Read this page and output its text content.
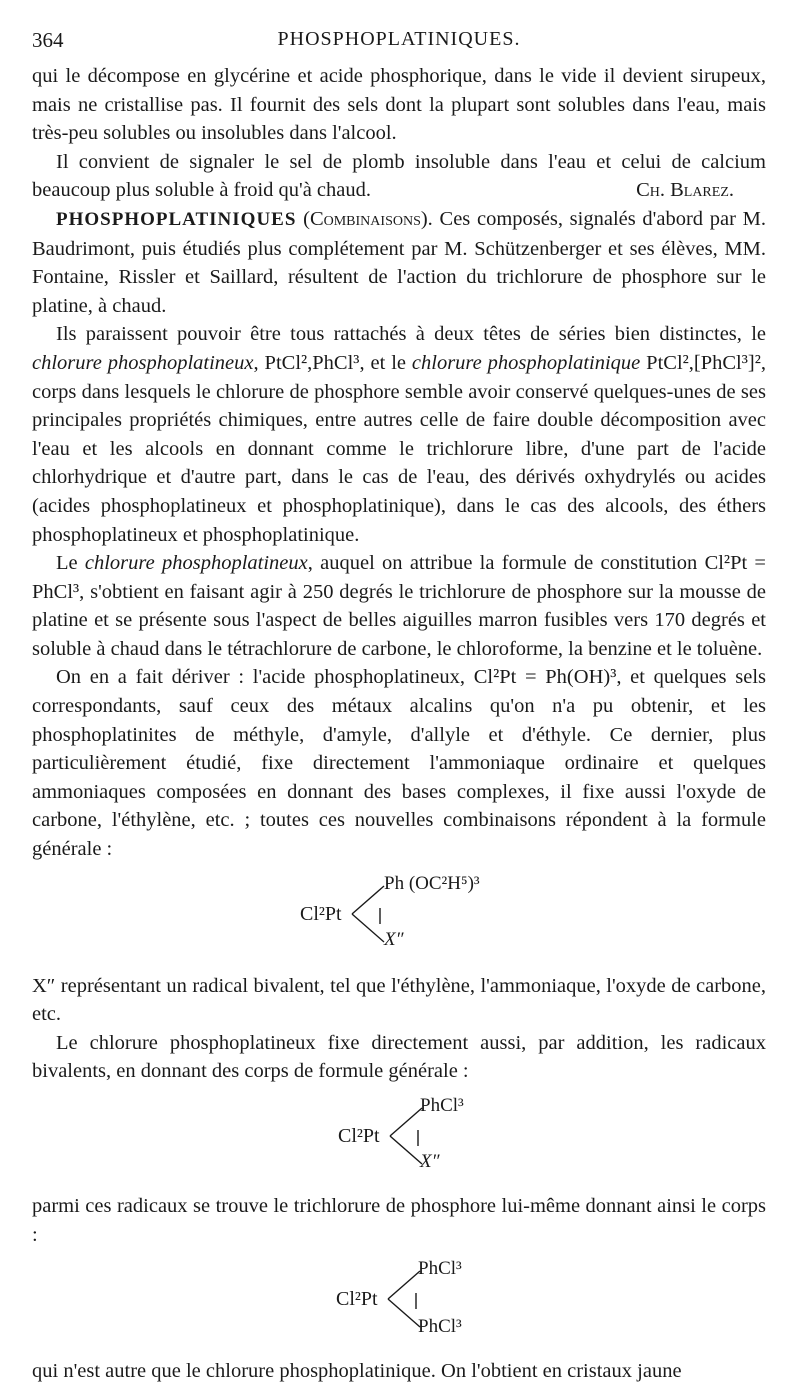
364	PHOSPHOPLATINIQUES.

qui le décompose en glycérine et acide phosphorique, dans le vide il devient sirupeux, mais ne cristallise pas. Il fournit des sels dont la plupart sont solubles dans l'eau, mais très-peu solubles ou insolubles dans l'alcool.

Il convient de signaler le sel de plomb insoluble dans l'eau et celui de calcium beaucoup plus soluble à froid qu'à chaud.	Ch. Blarez.

PHOSPHOPLATINIQUES (Combinaisons). Ces composés, signalés d'abord par M. Baudrimont, puis étudiés plus complétement par M. Schützenberger et ses élèves, MM. Fontaine, Rissler et Saillard, résultent de l'action du trichlorure de phosphore sur le platine, à chaud.

Ils paraissent pouvoir être tous rattachés à deux têtes de séries bien distinctes, le chlorure phosphoplatineux, PtCl²,PhCl³, et le chlorure phosphoplatinique PtCl²,[PhCl³]², corps dans lesquels le chlorure de phosphore semble avoir conservé quelques-unes de ses principales propriétés chimiques, entre autres celle de faire double décomposition avec l'eau et les alcools en donnant comme le trichlorure libre, d'une part de l'acide chlorhydrique et d'autre part, dans le cas de l'eau, des dérivés oxhydrylés ou acides (acides phosphoplatineux et phosphoplatinique), dans le cas des alcools, des éthers phosphoplatineux et phosphoplatinique.

Le chlorure phosphoplatineux, auquel on attribue la formule de constitution Cl²Pt = PhCl³, s'obtient en faisant agir à 250 degrés le trichlorure de phosphore sur la mousse de platine et se présente sous l'aspect de belles aiguilles marron fusibles vers 170 degrés et soluble à chaud dans le tétrachlorure de carbone, le chloroforme, la benzine et le toluène.

On en a fait dériver : l'acide phosphoplatineux, Cl²Pt = Ph(OH)³, et quelques sels correspondants, sauf ceux des métaux alcalins qu'on n'a pu obtenir, et les phosphoplatinites de méthyle, d'amyle, d'allyle et d'éthyle. Ce dernier, plus particulièrement étudié, fixe directement l'ammoniaque ordinaire et quelques ammoniaques composées en donnant des bases complexes, il fixe aussi l'oxyde de carbone, l'éthylène, etc. ; toutes ces nouvelles combinaisons répondent à la formule générale :

Cl²Pt
Ph (OC²H⁵)³
X″

X″ représentant un radical bivalent, tel que l'éthylène, l'ammoniaque, l'oxyde de carbone, etc.

Le chlorure phosphoplatineux fixe directement aussi, par addition, les radicaux bivalents, en donnant des corps de formule générale :

Cl²Pt
PhCl³
X″

parmi ces radicaux se trouve le trichlorure de phosphore lui-même donnant ainsi le corps :

Cl²Pt
PhCl³
PhCl³

qui n'est autre que le chlorure phosphoplatinique. On l'obtient en cristaux jaune
